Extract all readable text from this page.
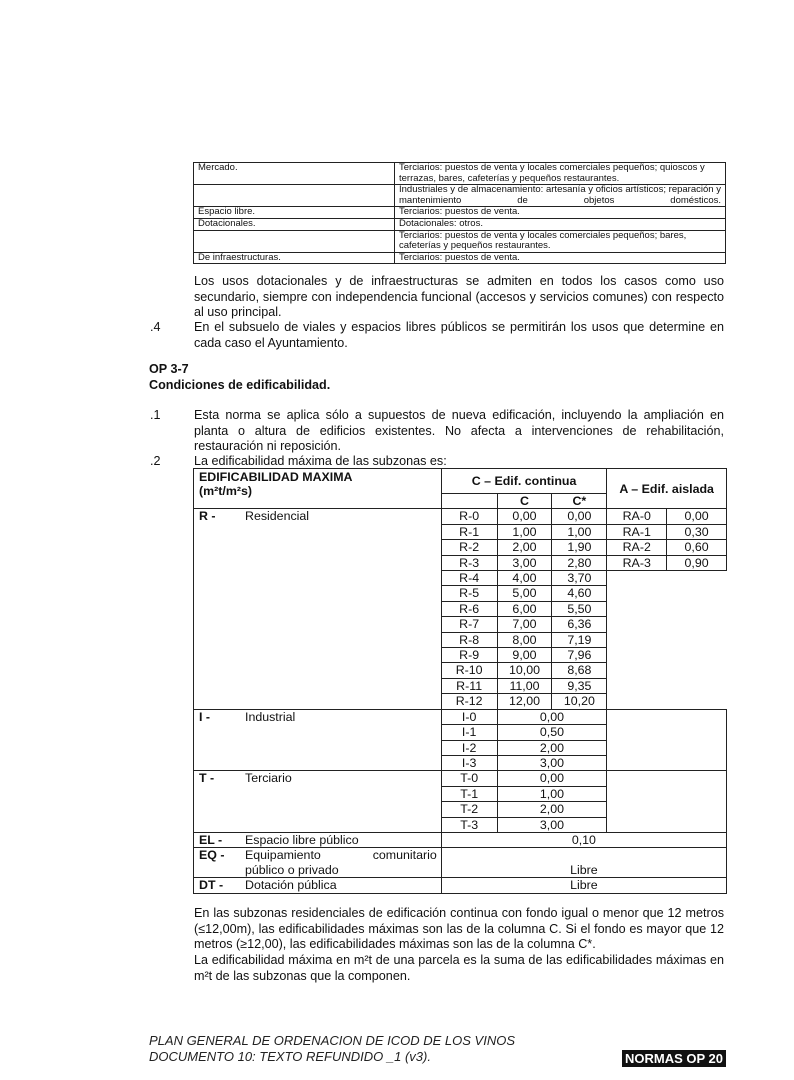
Mercado.	Terciarios: puestos de venta y locales comerciales pequeños; quioscos y terrazas, bares, cafeterías y pequeños restaurantes.
	Industriales y de almacenamiento: artesanía y oficios artísticos; reparación y mantenimiento de objetos domésticos.
Espacio libre.	Terciarios: puestos de venta.
Dotacionales.	Dotacionales: otros.
	Terciarios: puestos de venta y locales comerciales pequeños; bares, cafeterías y pequeños restaurantes.
De infraestructuras.	Terciarios: puestos de venta.
Los usos dotacionales y de infraestructuras se admiten en todos los casos como uso secundario, siempre con independencia funcional (accesos y servicios comunes) con respecto al uso principal.
.4	En el subsuelo de viales y espacios libres públicos se permitirán los usos que determine en cada caso el Ayuntamiento.
OP 3-7
Condiciones de edificabilidad.
.1	Esta norma se aplica sólo a supuestos de nueva edificación, incluyendo la ampliación en planta o altura de edificios existentes. No afecta a intervenciones de rehabilitación, restauración ni reposición.
.2	La edificabilidad máxima de las subzonas es:
EDIFICABILIDAD MAXIMA
(m²t/m²s)	C – Edif. continua			A – Edif. aislada	
		C	C*		
R - Residencial	R-0	0,00	0,00	RA-0	0,00
	R-1	1,00	1,00	RA-1	0,30
	R-2	2,00	1,90	RA-2	0,60
	R-3	3,00	2,80	RA-3	0,90
	R-4	4,00	3,70		
	R-5	5,00	4,60		
	R-6	6,00	5,50		
	R-7	7,00	6,36		
	R-8	8,00	7,19		
	R-9	9,00	7,96		
	R-10	10,00	8,68		
	R-11	11,00	9,35		
	R-12	12,00	10,20		
I - Industrial	I-0	0,00			
	I-1	0,50			
	I-2	2,00			
	I-3	3,00			
T - Terciario	T-0	0,00			
	T-1	1,00			
	T-2	2,00			
	T-3	3,00			
EL - Espacio libre público	0,10				

EQ - Equipamiento comunitario
público o privado	Libre				
DT - Dotación pública	Libre				
En las subzonas residenciales de edificación continua con fondo igual o menor que 12 metros (≤12,00m), las edificabilidades máximas son las de la columna C. Si el fondo es mayor que 12 metros (≥12,00), las edificabilidades máximas son las de la columna C*.
La edificabilidad máxima en m²t de una parcela es la suma de las edificabilidades máximas en m²t de las subzonas que la componen.
PLAN GENERAL DE ORDENACION DE ICOD DE LOS VINOS
DOCUMENTO 10: TEXTO REFUNDIDO _1 (v3).	NORMAS OP 20
